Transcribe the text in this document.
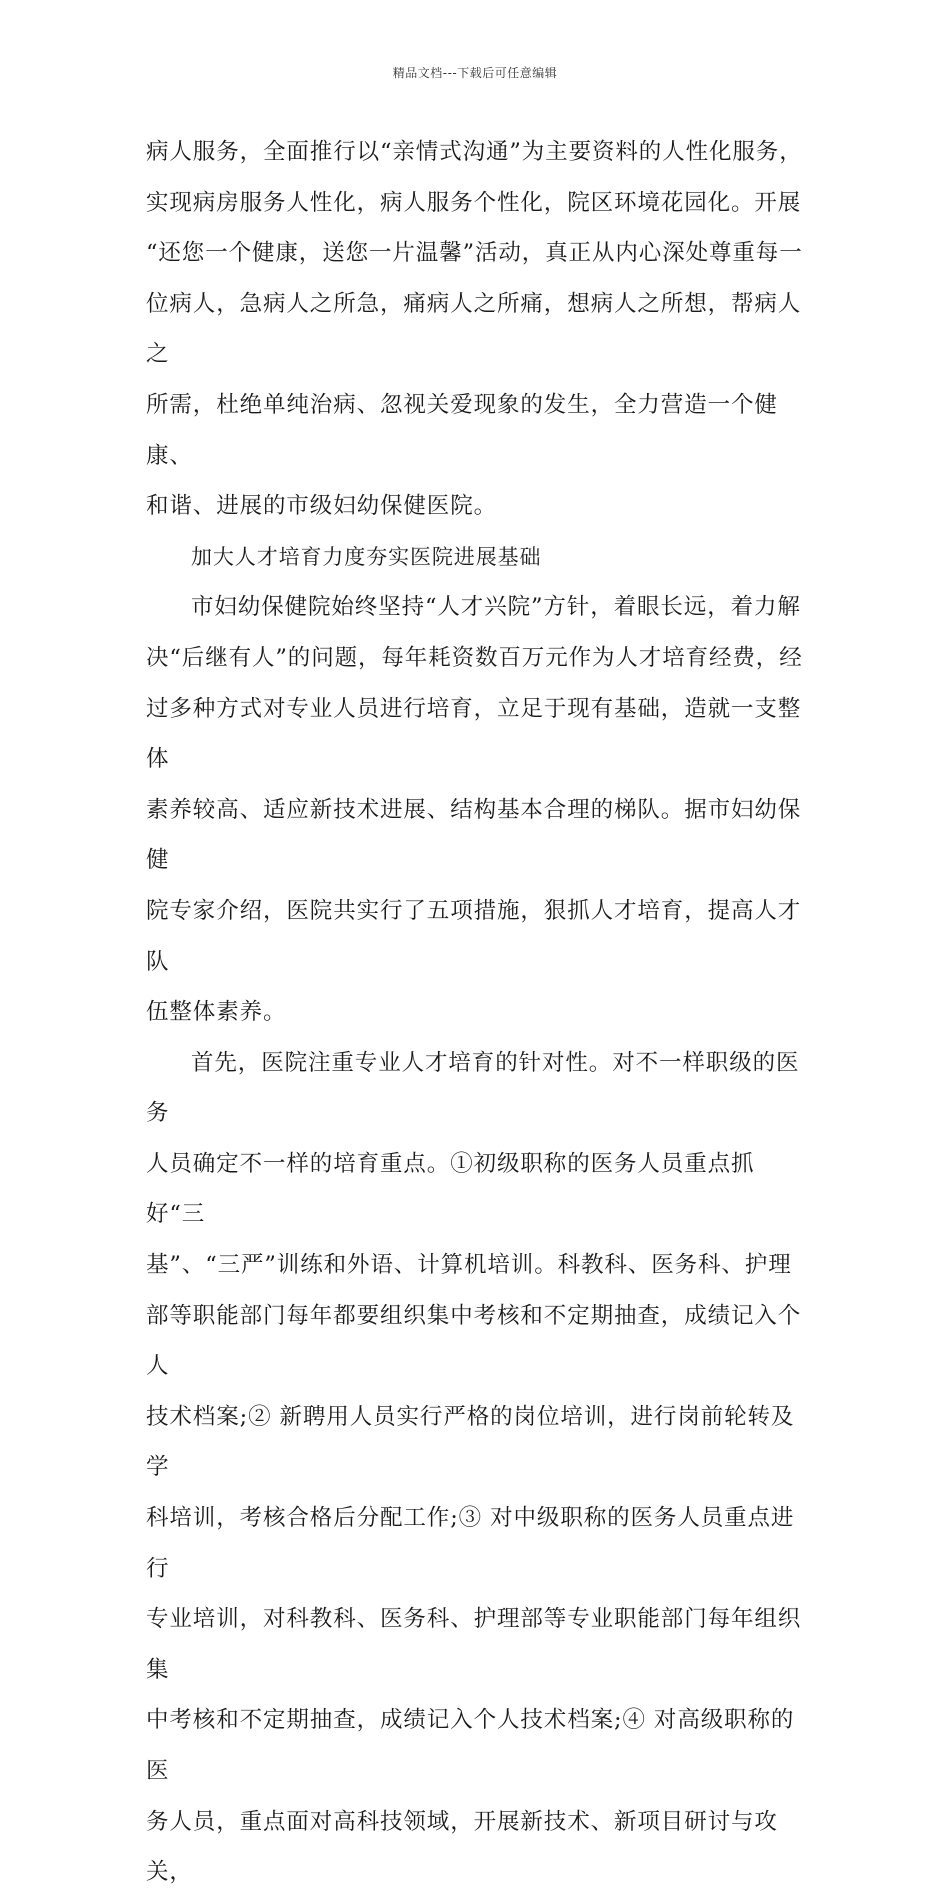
精品文档---下载后可任意编辑
病人服务，全面推行以“亲情式沟通”为主要资料的人性化服务，
实现病房服务人性化，病人服务个性化，院区环境花园化。开展
“还您一个健康，送您一片温馨”活动，真正从内心深处尊重每一
位病人，急病人之所急，痛病人之所痛，想病人之所想，帮病人之
所需，杜绝单纯治病、忽视关爱现象的发生，全力营造一个健康、
和谐、进展的市级妇幼保健医院。
加大人才培育力度夯实医院进展基础
市妇幼保健院始终坚持“人才兴院”方针，着眼长远，着力解
决“后继有人”的问题，每年耗资数百万元作为人才培育经费，经
过多种方式对专业人员进行培育，立足于现有基础，造就一支整体
素养较高、适应新技术进展、结构基本合理的梯队。据市妇幼保健
院专家介绍，医院共实行了五项措施，狠抓人才培育，提高人才队
伍整体素养。
首先，医院注重专业人才培育的针对性。对不一样职级的医务
人员确定不一样的培育重点。①初级职称的医务人员重点抓好“三
基”、“三严”训练和外语、计算机培训。科教科、医务科、护理
部等职能部门每年都要组织集中考核和不定期抽查，成绩记入个人
技术档案;② 新聘用人员实行严格的岗位培训，进行岗前轮转及学
科培训，考核合格后分配工作;③ 对中级职称的医务人员重点进行
专业培训，对科教科、医务科、护理部等专业职能部门每年组织集
中考核和不定期抽查，成绩记入个人技术档案;④ 对高级职称的医
务人员，重点面对高科技领域，开展新技术、新项目研讨与攻关，
